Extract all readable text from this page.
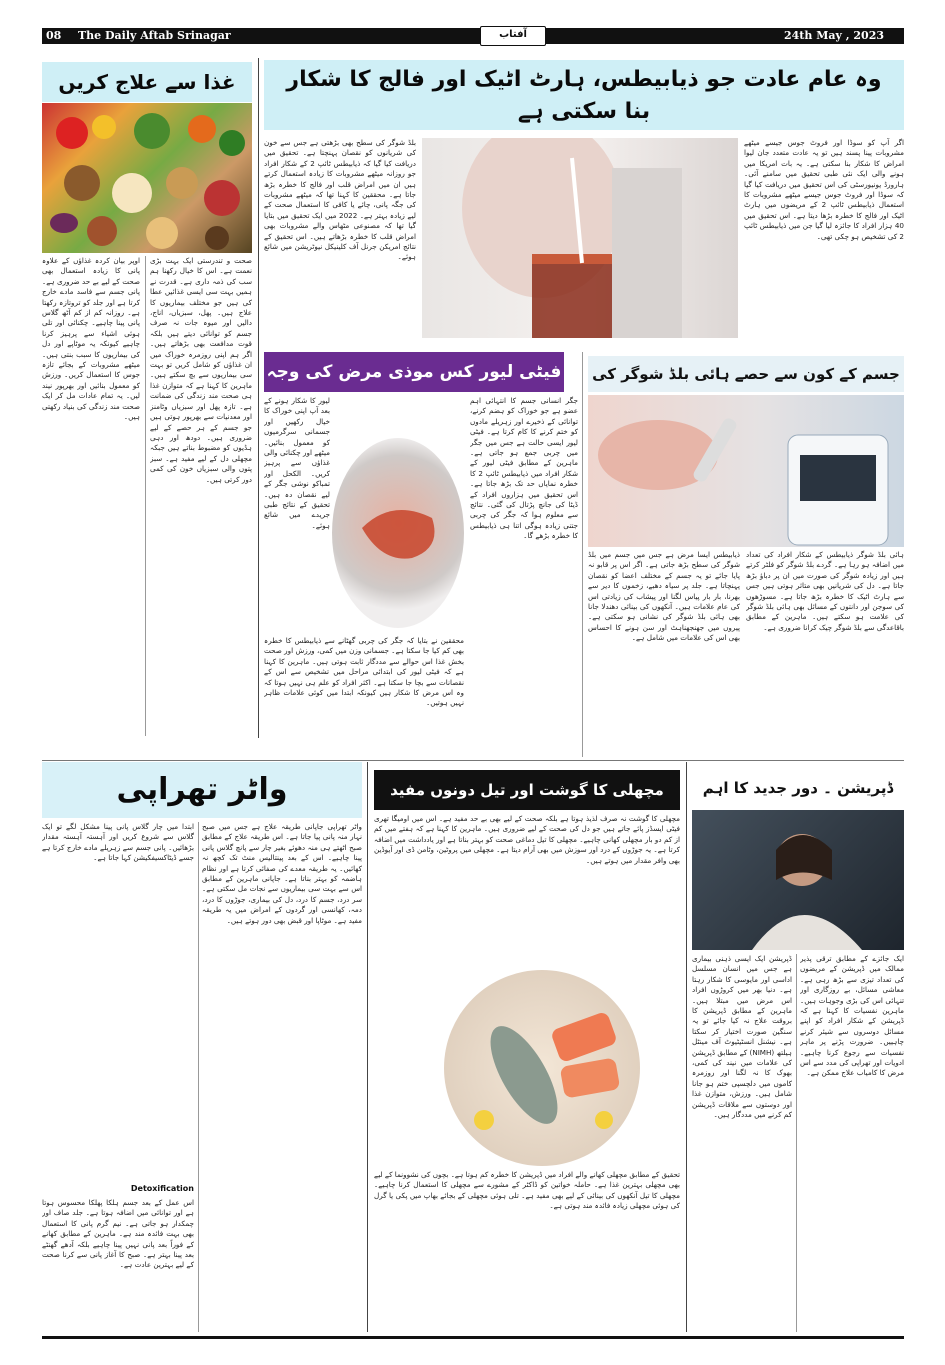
08 The Daily Aftab Srinagar	آفتاب	24th May , 2023
غذا سے علاج کریں
اوپر بیان کردہ غذاؤں کے علاوہ پانی کا زیادہ استعمال بھی صحت کے لیے بے حد ضروری ہے۔ پانی جسم سے فاسد مادے خارج کرتا ہے اور جلد کو تروتازہ رکھتا ہے۔ روزانہ کم از کم آٹھ گلاس پانی پینا چاہیے۔ چکنائی اور تلی ہوئی اشیاء سے پرہیز کرنا چاہیے کیونکہ یہ موٹاپے اور دل کی بیماریوں کا سبب بنتی ہیں۔ میٹھے مشروبات کے بجائے تازہ جوس کا استعمال کریں۔ ورزش کو معمول بنائیں اور بھرپور نیند لیں۔ یہ تمام عادات مل کر ایک صحت مند زندگی کی بنیاد رکھتی ہیں۔
صحت و تندرستی ایک بہت بڑی نعمت ہے۔ اس کا خیال رکھنا ہم سب کی ذمہ داری ہے۔ قدرت نے ہمیں بہت سی ایسی غذائیں عطا کی ہیں جو مختلف بیماریوں کا علاج ہیں۔ پھل، سبزیاں، اناج، دالیں اور میوہ جات نہ صرف جسم کو توانائی دیتے ہیں بلکہ قوت مدافعت بھی بڑھاتے ہیں۔ اگر ہم اپنی روزمرہ خوراک میں ان غذاؤں کو شامل کریں تو بہت سی بیماریوں سے بچ سکتے ہیں۔ ماہرین کا کہنا ہے کہ متوازن غذا ہی صحت مند زندگی کی ضمانت ہے۔ تازہ پھل اور سبزیاں وٹامنز اور معدنیات سے بھرپور ہوتی ہیں جو جسم کے ہر حصے کے لیے ضروری ہیں۔ دودھ اور دہی ہڈیوں کو مضبوط بناتے ہیں جبکہ مچھلی دل کے لیے مفید ہے۔ سبز پتوں والی سبزیاں خون کی کمی دور کرتی ہیں۔
وہ عام عادت جو ذیابیطس، ہارٹ اٹیک اور فالج کا شکار بنا سکتی ہے
اگر آپ کو سوڈا اور فروٹ جوس جیسے میٹھے مشروبات پینا پسند ہیں تو یہ عادت متعدد جان لیوا امراض کا شکار بنا سکتی ہے۔ یہ بات امریکا میں ہونے والی ایک نئی طبی تحقیق میں سامنے آئی۔ ہارورڈ یونیورسٹی کی اس تحقیق میں دریافت کیا گیا کہ سوڈا اور فروٹ جوس جیسے میٹھے مشروبات کا استعمال ذیابیطس ٹائپ 2 کے مریضوں میں ہارٹ اٹیک اور فالج کا خطرہ بڑھا دیتا ہے۔ اس تحقیق میں 40 ہزار افراد کا جائزہ لیا گیا جن میں ذیابیطس ٹائپ 2 کی تشخیص ہو چکی تھی۔
بلڈ شوگر کی سطح بھی بڑھتی ہے جس سے خون کی شریانوں کو نقصان پہنچتا ہے۔ تحقیق میں دریافت کیا گیا کہ ذیابیطس ٹائپ 2 کے شکار افراد جو روزانہ میٹھے مشروبات کا زیادہ استعمال کرتے ہیں ان میں امراض قلب اور فالج کا خطرہ بڑھ جاتا ہے۔ محققین کا کہنا تھا کہ میٹھے مشروبات کی جگہ پانی، چائے یا کافی کا استعمال صحت کے لیے زیادہ بہتر ہے۔ 2022 میں ایک تحقیق میں بتایا گیا تھا کہ مصنوعی مٹھاس والے مشروبات بھی امراض قلب کا خطرہ بڑھاتے ہیں۔ اس تحقیق کے نتائج امریکن جرنل آف کلینیکل نیوٹریشن میں شائع ہوئے۔
فیٹی لیور کس موذی مرض کی وجہ بن سکتا ہے؟
جگر انسانی جسم کا انتہائی اہم عضو ہے جو خوراک کو ہضم کرنے، توانائی کے ذخیرے اور زہریلے مادوں کو ختم کرنے کا کام کرتا ہے۔ فیٹی لیور ایسی حالت ہے جس میں جگر میں چربی جمع ہو جاتی ہے۔ ماہرین کے مطابق فیٹی لیور کے شکار افراد میں ذیابیطس ٹائپ 2 کا خطرہ نمایاں حد تک بڑھ جاتا ہے۔ اس تحقیق میں ہزاروں افراد کے ڈیٹا کی جانچ پڑتال کی گئی۔ نتائج سے معلوم ہوا کہ جگر کی چربی جتنی زیادہ ہوگی اتنا ہی ذیابیطس کا خطرہ بڑھے گا۔
لیور کا شکار ہونے کے بعد آپ اپنی خوراک کا خیال رکھیں اور جسمانی سرگرمیوں کو معمول بنائیں۔ میٹھے اور چکنائی والی غذاؤں سے پرہیز کریں۔ الکحل اور تمباکو نوشی جگر کے لیے نقصان دہ ہیں۔ تحقیق کے نتائج طبی جریدے میں شائع ہوئے۔
محققین نے بتایا کہ جگر کی چربی گھٹانے سے ذیابیطس کا خطرہ بھی کم کیا جا سکتا ہے۔ جسمانی وزن میں کمی، ورزش اور صحت بخش غذا اس حوالے سے مددگار ثابت ہوتی ہیں۔ ماہرین کا کہنا ہے کہ فیٹی لیور کی ابتدائی مراحل میں تشخیص سے اس کے نقصانات سے بچا جا سکتا ہے۔ اکثر افراد کو علم ہی نہیں ہوتا کہ وہ اس مرض کا شکار ہیں کیونکہ ابتدا میں کوئی علامات ظاہر نہیں ہوتیں۔
جسم کے کون سے حصے ہائی بلڈ شوگر کی
ہائی بلڈ شوگر ذیابیطس کے شکار افراد کی تعداد میں اضافہ ہو رہا ہے۔ گردے بلڈ شوگر کو فلٹر کرتے ہیں اور زیادہ شوگر کی صورت میں ان پر دباؤ بڑھ جاتا ہے۔ دل کی شریانیں بھی متاثر ہوتی ہیں جس سے ہارٹ اٹیک کا خطرہ بڑھ جاتا ہے۔ مسوڑھوں کی سوجن اور دانتوں کے مسائل بھی ہائی بلڈ شوگر کی علامت ہو سکتے ہیں۔ ماہرین کے مطابق باقاعدگی سے بلڈ شوگر چیک کرانا ضروری ہے۔
ذیابیطس ایسا مرض ہے جس میں جسم میں بلڈ شوگر کی سطح بڑھ جاتی ہے۔ اگر اس پر قابو نہ پایا جائے تو یہ جسم کے مختلف اعضا کو نقصان پہنچاتا ہے۔ جلد پر سیاہ دھبے، زخموں کا دیر سے بھرنا، بار بار پیاس لگنا اور پیشاب کی زیادتی اس کی عام علامات ہیں۔ آنکھوں کی بینائی دھندلا جانا بھی ہائی بلڈ شوگر کی نشانی ہو سکتی ہے۔ پیروں میں جھنجھناہٹ اور سن ہونے کا احساس بھی اس کی علامات میں شامل ہے۔
واٹر تھراپی
واٹر تھراپی جاپانی طریقہ علاج ہے جس میں صبح نہار منہ پانی پیا جاتا ہے۔ اس طریقہ علاج کے مطابق صبح اٹھتے ہی منہ دھوئے بغیر چار سے پانچ گلاس پانی پینا چاہیے۔ اس کے بعد پینتالیس منٹ تک کچھ نہ کھائیں۔ یہ طریقہ معدے کی صفائی کرتا ہے اور نظام ہاضمہ کو بہتر بناتا ہے۔ جاپانی ماہرین کے مطابق اس سے بہت سی بیماریوں سے نجات مل سکتی ہے۔ سر درد، جسم کا درد، دل کی بیماری، جوڑوں کا درد، دمہ، کھانسی اور گردوں کے امراض میں یہ طریقہ مفید ہے۔ موٹاپا اور قبض بھی دور ہوتے ہیں۔
ابتدا میں چار گلاس پانی پینا مشکل لگے تو ایک گلاس سے شروع کریں اور آہستہ آہستہ مقدار بڑھائیں۔ پانی جسم سے زہریلے مادے خارج کرتا ہے جسے ڈیٹاکسیفکیشن کہا جاتا ہے۔
Detoxification
اس عمل کے بعد جسم ہلکا پھلکا محسوس ہوتا ہے اور توانائی میں اضافہ ہوتا ہے۔ جلد صاف اور چمکدار ہو جاتی ہے۔ نیم گرم پانی کا استعمال بھی بہت فائدہ مند ہے۔ ماہرین کے مطابق کھانے کے فوراً بعد پانی نہیں پینا چاہیے بلکہ آدھے گھنٹے بعد پینا بہتر ہے۔ صبح کا آغاز پانی سے کرنا صحت کے لیے بہترین عادت ہے۔
مچھلی کا گوشت اور تیل دونوں مفید
مچھلی کا گوشت نہ صرف لذیذ ہوتا ہے بلکہ صحت کے لیے بھی بے حد مفید ہے۔ اس میں اومیگا تھری فیٹی ایسڈز پائے جاتے ہیں جو دل کی صحت کے لیے ضروری ہیں۔ ماہرین کا کہنا ہے کہ ہفتے میں کم از کم دو بار مچھلی کھانی چاہیے۔ مچھلی کا تیل دماغی صحت کو بہتر بناتا ہے اور یادداشت میں اضافہ کرتا ہے۔ یہ جوڑوں کے درد اور سوزش میں بھی آرام دیتا ہے۔ مچھلی میں پروٹین، وٹامن ڈی اور آیوڈین بھی وافر مقدار میں ہوتے ہیں۔
تحقیق کے مطابق مچھلی کھانے والے افراد میں ڈپریشن کا خطرہ کم ہوتا ہے۔ بچوں کی نشوونما کے لیے بھی مچھلی بہترین غذا ہے۔ حاملہ خواتین کو ڈاکٹر کے مشورے سے مچھلی کا استعمال کرنا چاہیے۔ مچھلی کا تیل آنکھوں کی بینائی کے لیے بھی مفید ہے۔ تلی ہوئی مچھلی کے بجائے بھاپ میں پکی یا گرل کی ہوئی مچھلی زیادہ فائدہ مند ہوتی ہے۔
ڈپریشن ۔ دور جدید کا اہم
ایک جائزے کے مطابق ترقی پذیر ممالک میں ڈپریشن کے مریضوں کی تعداد تیزی سے بڑھ رہی ہے۔ معاشی مسائل، بے روزگاری اور تنہائی اس کی بڑی وجوہات ہیں۔ ماہرین نفسیات کا کہنا ہے کہ ڈپریشن کے شکار افراد کو اپنے مسائل دوسروں سے شیئر کرنے چاہییں۔ ضرورت پڑنے پر ماہر نفسیات سے رجوع کرنا چاہیے۔ ادویات اور تھراپی کی مدد سے اس مرض کا کامیاب علاج ممکن ہے۔
ڈپریشن ایک ایسی ذہنی بیماری ہے جس میں انسان مسلسل اداسی اور مایوسی کا شکار رہتا ہے۔ دنیا بھر میں کروڑوں افراد اس مرض میں مبتلا ہیں۔ ماہرین کے مطابق ڈپریشن کا بروقت علاج نہ کیا جائے تو یہ سنگین صورت اختیار کر سکتا ہے۔ نیشنل انسٹیٹیوٹ آف مینٹل ہیلتھ (NIMH) کے مطابق ڈپریشن کی علامات میں نیند کی کمی، بھوک کا نہ لگنا اور روزمرہ کاموں میں دلچسپی ختم ہو جانا شامل ہیں۔ ورزش، متوازن غذا اور دوستوں سے ملاقات ڈپریشن کم کرنے میں مددگار ہیں۔
